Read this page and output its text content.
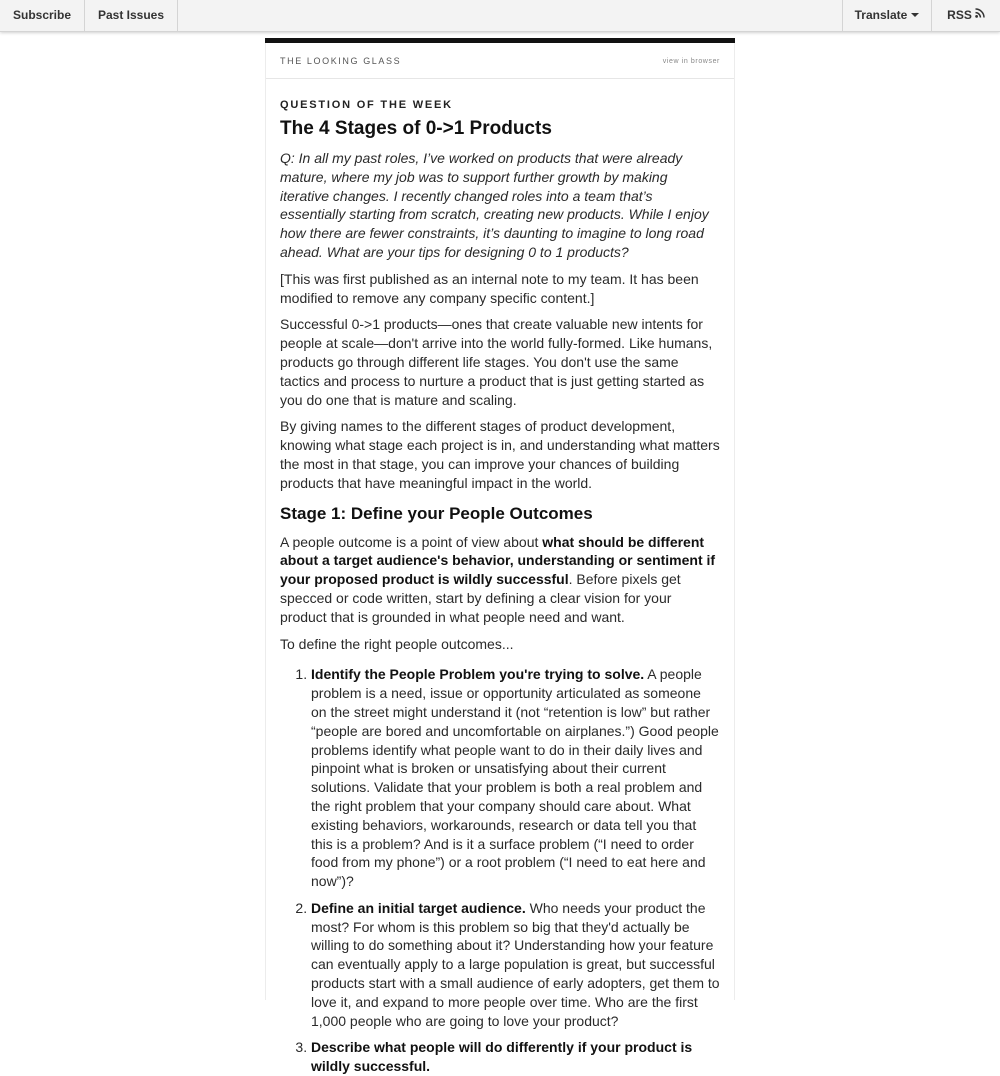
Subscribe	Past Issues	Translate	RSS
THE LOOKING GLASS	view in browser
QUESTION OF THE WEEK
The 4 Stages of 0->1 Products

Q: In all my past roles, I’ve worked on products that were already mature, where my job was to support further growth by making iterative changes. I recently changed roles into a team that’s essentially starting from scratch, creating new products. While I enjoy how there are fewer constraints, it’s daunting to imagine to long road ahead. What are your tips for designing 0 to 1 products?

[This was first published as an internal note to my team. It has been modified to remove any company specific content.]

Successful 0->1 products—ones that create valuable new intents for people at scale—don't arrive into the world fully-formed. Like humans, products go through different life stages. You don't use the same tactics and process to nurture a product that is just getting started as you do one that is mature and scaling.

By giving names to the different stages of product development, knowing what stage each project is in, and understanding what matters the most in that stage, you can improve your chances of building products that have meaningful impact in the world.

Stage 1: Define your People Outcomes

A people outcome is a point of view about what should be different about a target audience's behavior, understanding or sentiment if your proposed product is wildly successful. Before pixels get specced or code written, start by defining a clear vision for your product that is grounded in what people need and want.

To define the right people outcomes...

1. Identify the People Problem you're trying to solve. A people problem is a need, issue or opportunity articulated as someone on the street might understand it (not “retention is low” but rather “people are bored and uncomfortable on airplanes.”) Good people problems identify what people want to do in their daily lives and pinpoint what is broken or unsatisfying about their current solutions. Validate that your problem is both a real problem and the right problem that your company should care about. What existing behaviors, workarounds, research or data tell you that this is a problem? And is it a surface problem (“I need to order food from my phone”) or a root problem (“I need to eat here and now”)?
2. Define an initial target audience. Who needs your product the most? For whom is this problem so big that they'd actually be willing to do something about it? Understanding how your feature can eventually apply to a large population is great, but successful products start with a small audience of early adopters, get them to love it, and expand to more people over time. Who are the first 1,000 people who are going to love your product?
3. Describe what people will do differently if your product is wildly successful.
